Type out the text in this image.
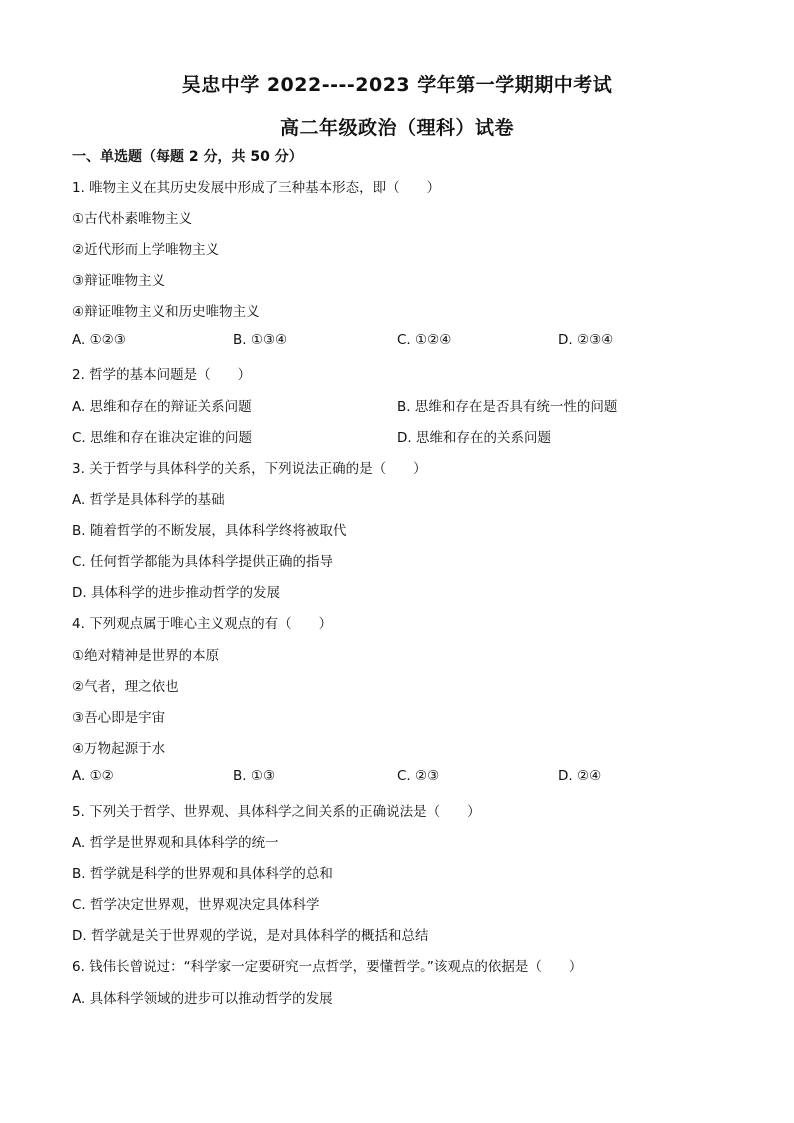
吴忠中学 2022----2023 学年第一学期期中考试
高二年级政治（理科）试卷
一、单选题（每题 2 分，共 50 分）
1. 唯物主义在其历史发展中形成了三种基本形态，即（　　）
①古代朴素唯物主义
②近代形而上学唯物主义
③辩证唯物主义
④辩证唯物主义和历史唯物主义
A. ①②③	B. ①③④	C. ①②④	D. ②③④
2. 哲学的基本问题是（　　）
A. 思维和存在的辩证关系问题	B. 思维和存在是否具有统一性的问题
C. 思维和存在谁决定谁的问题	D. 思维和存在的关系问题
3. 关于哲学与具体科学的关系，下列说法正确的是（　　）
A. 哲学是具体科学的基础
B. 随着哲学的不断发展，具体科学终将被取代
C. 任何哲学都能为具体科学提供正确的指导
D. 具体科学的进步推动哲学的发展
4. 下列观点属于唯心主义观点的有（　　）
①绝对精神是世界的本原
②气者，理之依也
③吾心即是宇宙
④万物起源于水
A. ①②	B. ①③	C. ②③	D. ②④
5. 下列关于哲学、世界观、具体科学之间关系的正确说法是（　　）
A. 哲学是世界观和具体科学的统一
B. 哲学就是科学的世界观和具体科学的总和
C. 哲学决定世界观，世界观决定具体科学
D. 哲学就是关于世界观的学说，是对具体科学的概括和总结
6. 钱伟长曾说过：“科学家一定要研究一点哲学，要懂哲学。”该观点的依据是（　　）
A. 具体科学领域的进步可以推动哲学的发展
